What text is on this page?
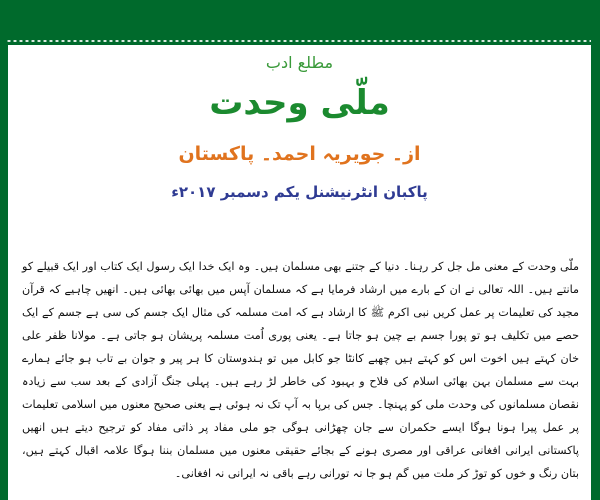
مطلع ادب
ملّی وحدت
از۔ جویریہ احمد۔ پاکستان
پاکبان انٹرنیشنل یکم دسمبر ۲۰۱۷ء

ملّی وحدت کے معنی مل جل کر رہنا۔ دنیا کے جتنے بھی مسلمان ہیں۔ وہ ایک خدا ایک رسول ایک کتاب اور ایک قبیلے کو مانتے ہیں۔ اللہ تعالی نے ان کے بارے میں ارشاد فرمایا ہے کہ مسلمان آپس میں بھائی بھائی ہیں۔ انھیں چاہیے کہ قرآن مجید کی تعلیمات پر عمل کریں نبی اکرم ﷺ کا ارشاد ہے کہ امت مسلمہ کی مثال ایک جسم کی سی ہے جسم کے ایک حصے میں تکلیف ہو تو پورا جسم بے چین ہو جاتا ہے۔ یعنی پوری اُمت مسلمہ پریشان ہو جاتی ہے۔ مولانا ظفر علی خان کہتے ہیں اخوت اس کو کہتے ہیں چھبے کانٹا جو کابل میں تو ہندوستان کا ہر پیر و جوان بے تاب ہو جائے ہمارے بہت سے مسلمان بہن بھائی اسلام کی فلاح و بہبود کی خاطر لڑ رہے ہیں۔ پہلی جنگ آزادی کے بعد سب سے زیادہ نقصان مسلمانوں کی وحدت ملی کو پہنچا۔ جس کی برپا بہ آپ تک نہ ہوئی ہے یعنی صحیح معنوں میں اسلامی تعلیمات پر عمل پیرا ہونا ہوگا ایسے حکمران سے جان چھڑانی ہوگی جو ملی مفاد پر ذاتی مفاد کو ترجیح دیتے ہیں انھیں پاکستانی ایرانی افغانی عراقی اور مصری ہونے کے بجائے حقیقی معنوں میں مسلمان بننا ہوگا علامہ اقبال کہتے ہیں، بتان رنگ و خوں کو توڑ کر ملت میں گم ہو جا نہ تورانی رہے باقی نہ ایرانی نہ افغانی۔
